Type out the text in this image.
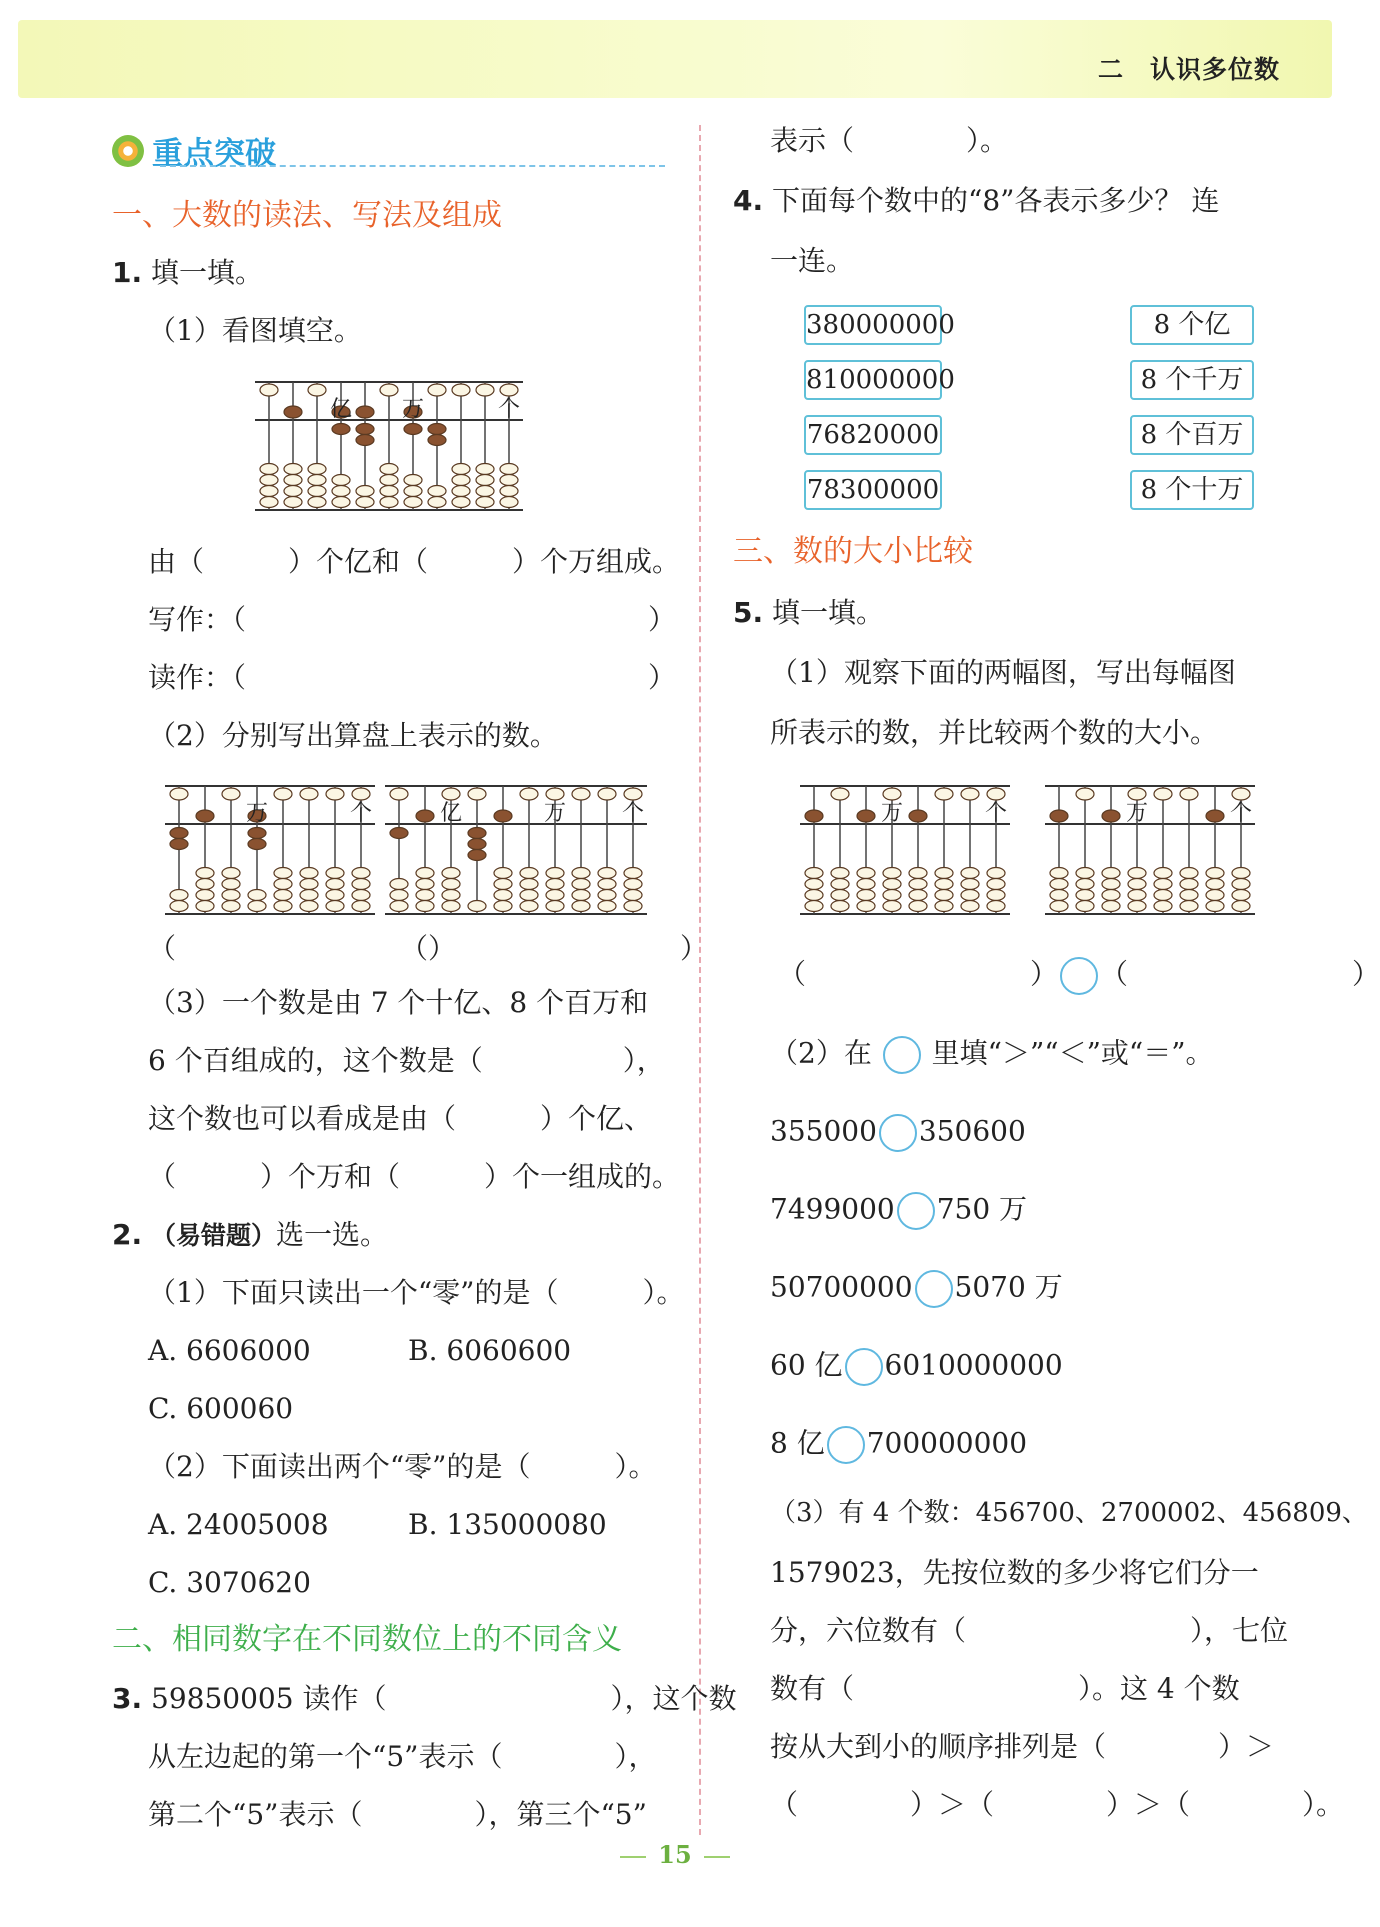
二　认识多位数
重点突破
一、大数的读法、写法及组成
1. 填一填。
（1）看图填空。
亿 万	个
由（　　　）个亿和（　　　）个万组成。
写作：（	）
读作：（	）
（2）分别写出算盘上表示的数。
万	个	亿	万	个
（　　　　　　　　　）
（　　　　　　　　　）
（3）一个数是由 7 个十亿、8 个百万和
6 个百组成的，这个数是（　　　　　），
这个数也可以看成是由（　　　）个亿、
（　　　）个万和（　　　）个一组成的。
2. （易错题）选一选。
（1）下面只读出一个“零”的是（　　　）。
A. 6606000	B. 6060600
C. 600060
（2）下面读出两个“零”的是（　　　）。
A. 24005008	B. 135000080
C. 3070620
二、相同数字在不同数位上的不同含义
3. 59850005 读作（　　　　　　　　），这个数
从左边起的第一个“5”表示（　　　　），
第二个“5”表示（　　　　），第三个“5”
表示（　　　　）。
4. 下面每个数中的“8”各表示多少？ 连
一连。
380000000
810000000
76820000
78300000
8 个亿
8 个千万
8 个百万
8 个十万
三、数的大小比较
5. 填一填。
（1）观察下面的两幅图，写出每幅图
所表示的数，并比较两个数的大小。
万	个	万	个
（　　　　　　　　） （　　　　　　　　）
（2）在 里填“＞”“＜”或“＝”。
355000 350600
7499000 750 万
50700000 5070 万
60 亿 6010000000
8 亿 700000000
（3）有 4 个数：456700、2700002、456809、
1579023，先按位数的多少将它们分一
分，六位数有（　　　　　　　　），七位
数有（　　　　　　　　）。这 4 个数
按从大到小的顺序排列是（　　　　）＞
（　　　　）＞（　　　　）＞（　　　　）。
15
